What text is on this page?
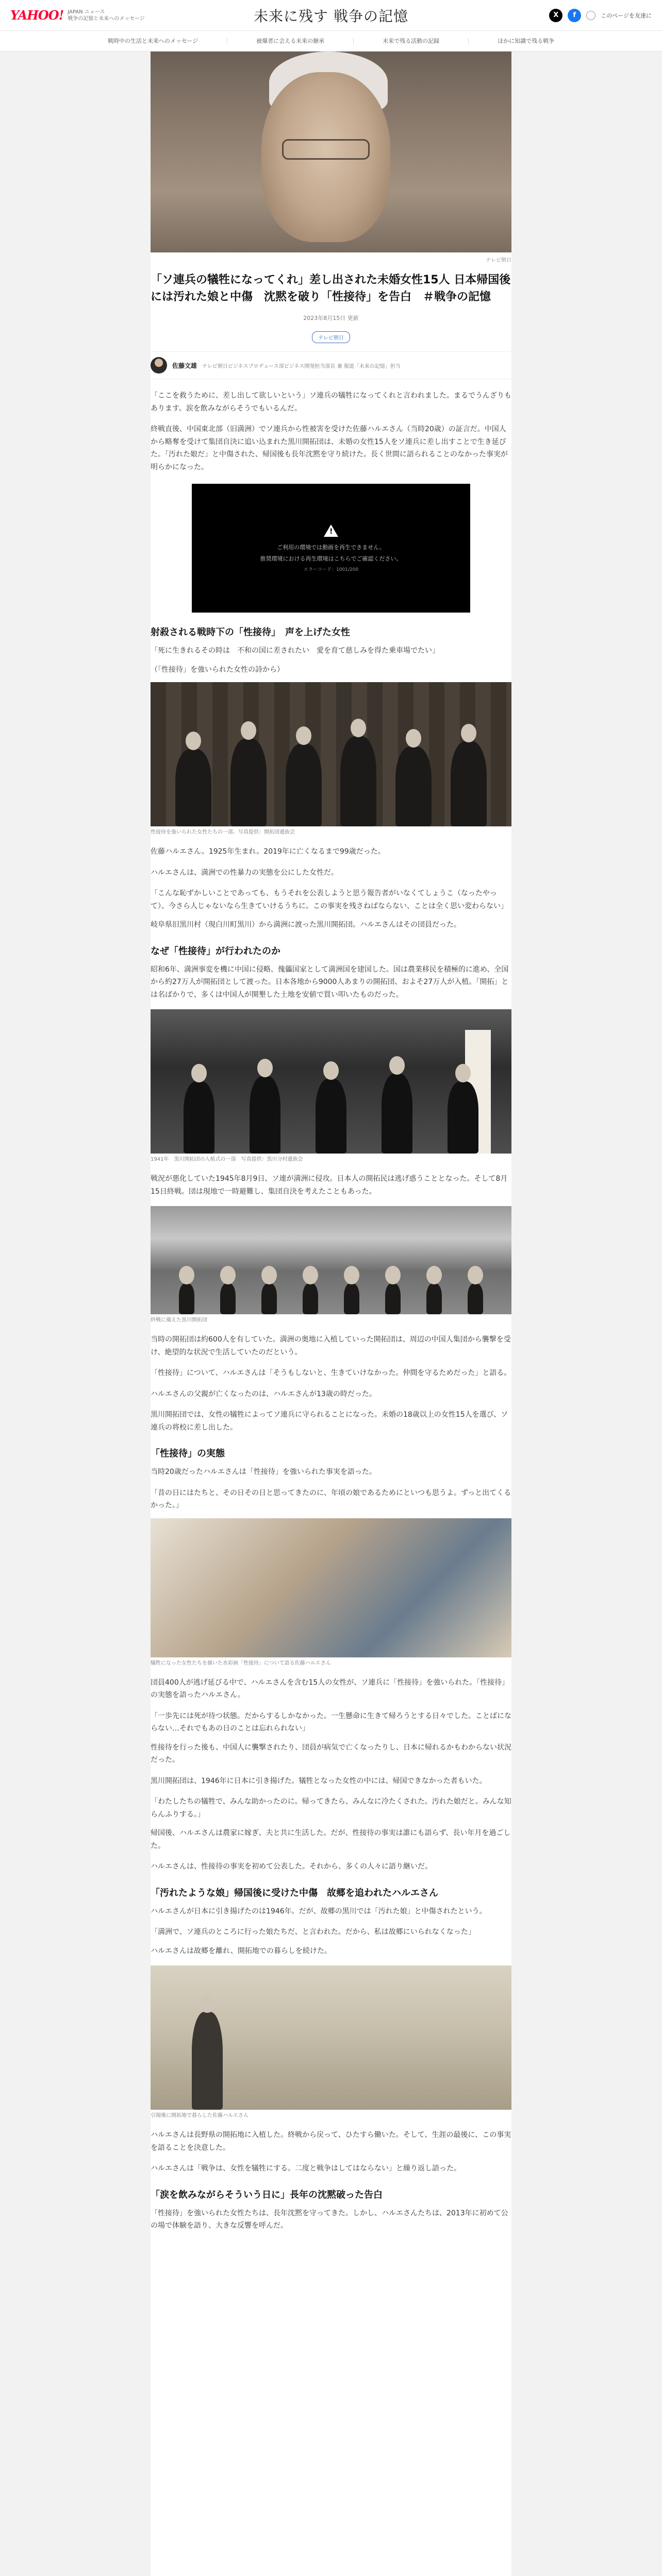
YAHOO! JAPAN ニュース
戦争の記憶と未来へのメッセージ	未来に残す 戦争の記憶	X	f	このページを友達に
戦時中の生活と未来へのメッセージ	被爆者に会える未来の継承	未来で残る活動の記録	ほかに知識で残る戦争
テレビ朝日
「ソ連兵の犠牲になってくれ」差し出された未婚女性15人 日本帰国後には汚れた娘と中傷　沈黙を破り「性接待」を告白　＃戦争の記憶
2023年8月15日 更新
テレビ朝日
佐藤文雄 テレビ朝日ビジネスプロデュース部ビジネス開発担当部長 兼 報道「未来の記憶」担当

「ここを救うために、差し出して欲しいという」ソ連兵の犠牲になってくれと言われました。まるでうんざりもあります。涙を飲みながらそうでもいるんだ。

終戦直後、中国東北部（旧満洲）でソ連兵から性被害を受けた佐藤ハルエさん（当時20歳）の証言だ。中国人から略奪を受けて集団自決に追い込まれた黒川開拓団は、未婚の女性15人をソ連兵に差し出すことで生き延びた。「汚れた娘だ」と中傷された、帰国後も長年沈黙を守り続けた。長く世間に語られることのなかった事実が明らかになった。

!
ご利用の環境では動画を再生できません。
推奨環境における再生環境はこちらでご確認ください。
エラーコード：1001/200
射殺される戦時下の「性接待」　声を上げた女性
「死に生きれるその時は　不和の国に差されたい　愛を育て慈しみを得た乗車場でたい」
（「性接待」を強いられた女性の詩から）
性接待を強いられた女性たちの一部。写真提供：開拓団遺族会

佐藤ハルエさん。1925年生まれ。2019年に亡くなるまで99歳だった。

ハルエさんは、満洲での性暴力の実態を公にした女性だ。

「こんな恥ずかしいことであっても、もうそれを公表しようと思う報告者がいなくてしょうこ（なったやって）、今さら人じゃないなら生きていけるうちに。この事実を残さねばならない、ことは全く思い変わらない」

岐阜県旧黒川村（現白川町黒川）から満洲に渡った黒川開拓団。ハルエさんはその団員だった。

なぜ「性接待」が行われたのか

昭和6年、満洲事変を機に中国に侵略、傀儡国家として満洲国を建国した。国は農業移民を積極的に進め、全国から約27万人が開拓団として渡った。日本各地から9000人あまりの開拓団、およそ27万人が入植。「開拓」とは名ばかりで、多くは中国人が開墾した土地を安値で買い叩いたものだった。

1941年　黒川開拓団の入植式の一部　写真提供：黒川分村遺族会

戦況が悪化していた1945年8月9日、ソ連が満洲に侵攻。日本人の開拓民は逃げ惑うこととなった。そして8月15日終戦。団は現地で一時避難し、集団自決を考えたこともあった。

終戦に備えた黒川開拓団

当時の開拓団は約600人を有していた。満洲の奥地に入植していった開拓団は、周辺の中国人集団から襲撃を受け、絶望的な状況で生活していたのだという。

「性接待」について、ハルエさんは「そうもしないと、生きていけなかった。仲間を守るためだった」と語る。

ハルエさんの父親が亡くなったのは、ハルエさんが13歳の時だった。

黒川開拓団では、女性の犠牲によってソ連兵に守られることになった。未婚の18歳以上の女性15人を選び、ソ連兵の将校に差し出した。

「性接待」の実態

当時20歳だったハルエさんは「性接待」を強いられた事実を語った。

「昔の日にはたちと、その日その日と思ってきたのに、年頃の娘であるためにといつも思うよ。ずっと出てくるかった。」
犠牲になった女性たちを描いた水彩画「性接待」について語る佐藤ハルエさん

団員400人が逃げ延びる中で、ハルエさんを含む15人の女性が、ソ連兵に「性接待」を強いられた。「性接待」の実態を語ったハルエさん。

「一歩先には死が待つ状態。だからするしかなかった。一生懸命に生きて帰ろうとする日々でした。ことばにならない…それでもあの日のことは忘れられない」

性接待を行った後も、中国人に襲撃されたり、団員が病気で亡くなったりし、日本に帰れるかもわからない状況だった。

黒川開拓団は、1946年に日本に引き揚げた。犠牲となった女性の中には、帰国できなかった者もいた。

「わたしたちの犠牲で、みんな助かったのに。帰ってきたら、みんなに冷たくされた。汚れた娘だと。みんな知らんふりする。」

帰国後、ハルエさんは農家に嫁ぎ、夫と共に生活した。だが、性接待の事実は誰にも語らず、長い年月を過ごした。

ハルエさんは、性接待の事実を初めて公表した。それから、多くの人々に語り継いだ。

「汚れたような娘」帰国後に受けた中傷　故郷を追われたハルエさん

ハルエさんが日本に引き揚げたのは1946年。だが、故郷の黒川では「汚れた娘」と中傷されたという。

「満洲で、ソ連兵のところに行った娘たちだ、と言われた。だから、私は故郷にいられなくなった」

ハルエさんは故郷を離れ、開拓地での暮らしを続けた。

引揚後に開拓地で暮らした佐藤ハルエさん

ハルエさんは長野県の開拓地に入植した。終戦から戻って、ひたすら働いた。そして、生涯の最後に、この事実を語ることを決意した。

ハルエさんは「戦争は、女性を犠牲にする。二度と戦争はしてはならない」と繰り返し語った。

「涙を飲みながらそういう日に」長年の沈黙破った告白

「性接待」を強いられた女性たちは、長年沈黙を守ってきた。しかし、ハルエさんたちは、2013年に初めて公の場で体験を語り、大きな反響を呼んだ。
